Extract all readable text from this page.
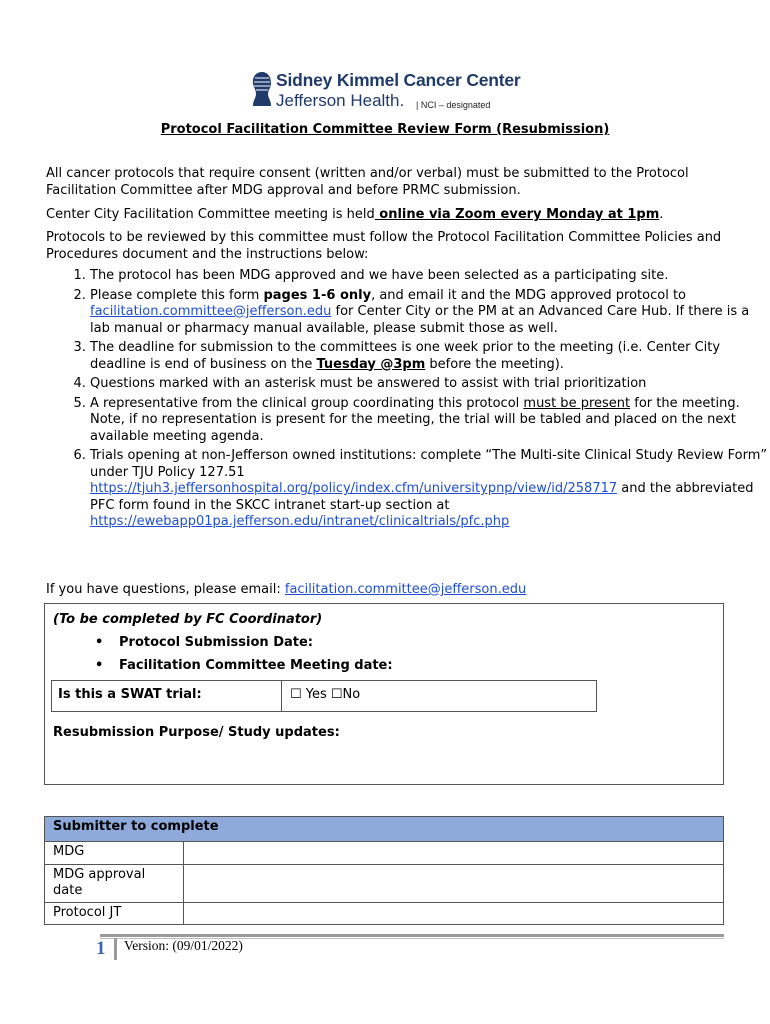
Sidney Kimmel Cancer Center
Jefferson Health. | NCI – designated
Protocol Facilitation Committee Review Form (Resubmission)
All cancer protocols that require consent (written and/or verbal) must be submitted to the Protocol Facilitation Committee after MDG approval and before PRMC submission.
Center City Facilitation Committee meeting is held online via Zoom every Monday at 1pm.
Protocols to be reviewed by this committee must follow the Protocol Facilitation Committee Policies and Procedures document and the instructions below:
1. The protocol has been MDG approved and we have been selected as a participating site.
2. Please complete this form pages 1-6 only, and email it and the MDG approved protocol to facilitation.committee@jefferson.edu for Center City or the PM at an Advanced Care Hub. If there is a lab manual or pharmacy manual available, please submit those as well.
3. The deadline for submission to the committees is one week prior to the meeting (i.e. Center City deadline is end of business on the Tuesday @3pm before the meeting).
4. Questions marked with an asterisk must be answered to assist with trial prioritization
5. A representative from the clinical group coordinating this protocol must be present for the meeting. Note, if no representation is present for the meeting, the trial will be tabled and placed on the next available meeting agenda.
6. Trials opening at non-Jefferson owned institutions: complete “The Multi-site Clinical Study Review Form” under TJU Policy 127.51 https://tjuh3.jeffersonhospital.org/policy/index.cfm/universitypnp/view/id/258717 and the abbreviated PFC form found in the SKCC intranet start-up section at https://ewebapp01pa.jefferson.edu/intranet/clinicaltrials/pfc.php
If you have questions, please email: facilitation.committee@jefferson.edu
(To be completed by FC Coordinator)
• Protocol Submission Date:
• Facilitation Committee Meeting date:
Is this a SWAT trial:	☐ Yes ☐No
Resubmission Purpose/ Study updates:
Submitter to complete	
MDG	
MDG approval date	
Protocol JT	
1 Version: (09/01/2022)
